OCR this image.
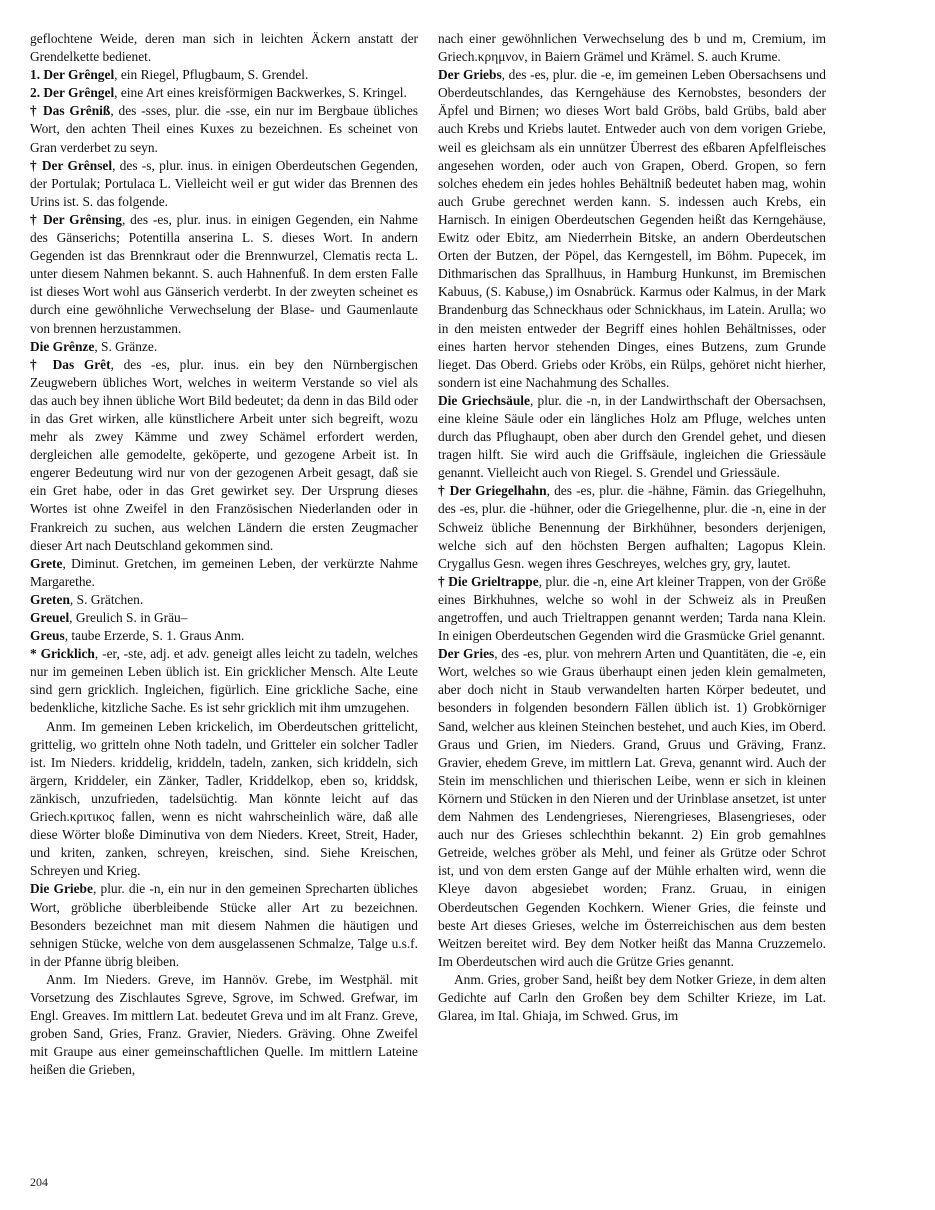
geflochtene Weide, deren man sich in leichten Äckern anstatt der Grendelkette bedienet.

1. Der Grêngel, ein Riegel, Pflugbaum, S. Grendel.

2. Der Grêngel, eine Art eines kreisförmigen Backwerkes, S. Kringel.

† Das Grêniß, des -sses, plur. die -sse, ein nur im Bergbaue übliches Wort, den achten Theil eines Kuxes zu bezeichnen. Es scheinet von Gran verderbet zu seyn.

† Der Grênsel, des -s, plur. inus. in einigen Oberdeutschen Gegenden, der Portulak; Portulaca L. Vielleicht weil er gut wider das Brennen des Urins ist. S. das folgende.

† Der Grênsing, des -es, plur. inus. in einigen Gegenden, ein Nahme des Gänserichs; Potentilla anserina L. S. dieses Wort. In andern Gegenden ist das Brennkraut oder die Brennwurzel, Clematis recta L. unter diesem Nahmen bekannt. S. auch Hahnenfuß. In dem ersten Falle ist dieses Wort wohl aus Gänserich verderbt. In der zweyten scheinet es durch eine gewöhnliche Verwechselung der Blase- und Gaumenlaute von brennen herzustammen.

Die Grênze, S. Gränze.

† Das Grêt, des -es, plur. inus. ein bey den Nürnbergischen Zeugwebern übliches Wort, welches in weiterm Verstande so viel als das auch bey ihnen übliche Wort Bild bedeutet; da denn in das Bild oder in das Gret wirken, alle künstlichere Arbeit unter sich begreift, wozu mehr als zwey Kämme und zwey Schämel erfordert werden, dergleichen alle gemodelte, geköperte, und gezogene Arbeit ist. In engerer Bedeutung wird nur von der gezogenen Arbeit gesagt, daß sie ein Gret habe, oder in das Gret gewirket sey. Der Ursprung dieses Wortes ist ohne Zweifel in den Französischen Niederlanden oder in Frankreich zu suchen, aus welchen Ländern die ersten Zeugmacher dieser Art nach Deutschland gekommen sind.

Grete, Diminut. Gretchen, im gemeinen Leben, der verkürzte Nahme Margarethe.

Greten, S. Grätchen.

Greuel, Greulich S. in Gräu–

Greus, taube Erzerde, S. 1. Graus Anm.

* Gricklich, -er, -ste, adj. et adv. geneigt alles leicht zu tadeln, welches nur im gemeinen Leben üblich ist. Ein gricklicher Mensch. Alte Leute sind gern gricklich. Ingleichen, figürlich. Eine grickliche Sache, eine bedenkliche, kitzliche Sache. Es ist sehr gricklich mit ihm umzugehen.

Anm. Im gemeinen Leben krickelich, im Oberdeutschen grittelicht, grittelig, wo gritteln ohne Noth tadeln, und Gritteler ein solcher Tadler ist. Im Nieders. kriddelig, kriddeln, tadeln, zanken, sich kriddeln, sich ärgern, Kriddeler, ein Zänker, Tadler, Kriddelkop, eben so, kriddsk, zänkisch, unzufrieden, tadelsüchtig. Man könnte leicht auf das Griech.κριτικος fallen, wenn es nicht wahrscheinlich wäre, daß alle diese Wörter bloße Diminutiva von dem Nieders. Kreet, Streit, Hader, und kriten, zanken, schreyen, kreischen, sind. Siehe Kreischen, Schreyen und Krieg.

Die Griebe, plur. die -n, ein nur in den gemeinen Sprecharten übliches Wort, gröbliche überbleibende Stücke aller Art zu bezeichnen. Besonders bezeichnet man mit diesem Nahmen die häutigen und sehnigen Stücke, welche von dem ausgelassenen Schmalze, Talge u.s.f. in der Pfanne übrig bleiben.

Anm. Im Nieders. Greve, im Hannöv. Grebe, im Westphäl. mit Vorsetzung des Zischlautes Sgreve, Sgrove, im Schwed. Grefwar, im Engl. Greaves. Im mittlern Lat. bedeutet Greva und im alt Franz. Greve, groben Sand, Gries, Franz. Gravier, Nieders. Gräving. Ohne Zweifel mit Graupe aus einer gemeinschaftlichen Quelle. Im mittlern Lateine heißen die Grieben,

nach einer gewöhnlichen Verwechselung des b und m, Cremium, im Griech.κρημνον, in Baiern Grämel und Krämel. S. auch Krume.

Der Griebs, des -es, plur. die -e, im gemeinen Leben Obersachsens und Oberdeutschlandes, das Kerngehäuse des Kernobstes, besonders der Äpfel und Birnen; wo dieses Wort bald Gröbs, bald Grübs, bald aber auch Krebs und Kriebs lautet. Entweder auch von dem vorigen Griebe, weil es gleichsam als ein unnützer Überrest des eßbaren Apfelfleisches angesehen worden, oder auch von Grapen, Oberd. Gropen, so fern solches ehedem ein jedes hohles Behältniß bedeutet haben mag, wohin auch Grube gerechnet werden kann. S. indessen auch Krebs, ein Harnisch. In einigen Oberdeutschen Gegenden heißt das Kerngehäuse, Ewitz oder Ebitz, am Niederrhein Bitske, an andern Oberdeutschen Orten der Butzen, der Pöpel, das Kerngestell, im Böhm. Pupecek, im Dithmarischen das Sprallhuus, in Hamburg Hunkunst, im Bremischen Kabuus, (S. Kabuse,) im Osnabrück. Karmus oder Kalmus, in der Mark Brandenburg das Schneckhaus oder Schnickhaus, im Latein. Arulla; wo in den meisten entweder der Begriff eines hohlen Behältnisses, oder eines harten hervor stehenden Dinges, eines Butzens, zum Grunde lieget. Das Oberd. Griebs oder Kröbs, ein Rülps, gehöret nicht hierher, sondern ist eine Nachahmung des Schalles.

Die Griechsäule, plur. die -n, in der Landwirthschaft der Obersachsen, eine kleine Säule oder ein längliches Holz am Pfluge, welches unten durch das Pflughaupt, oben aber durch den Grendel gehet, und diesen tragen hilft. Sie wird auch die Griffsäule, ingleichen die Griessäule genannt. Vielleicht auch von Riegel. S. Grendel und Griessäule.

† Der Griegelhahn, des -es, plur. die -hähne, Fämin. das Griegelhuhn, des -es, plur. die -hühner, oder die Griegelhenne, plur. die -n, eine in der Schweiz übliche Benennung der Birkhühner, besonders derjenigen, welche sich auf den höchsten Bergen aufhalten; Lagopus Klein. Crygallus Gesn. wegen ihres Geschreyes, welches gry, gry, lautet.

† Die Grieltrappe, plur. die -n, eine Art kleiner Trappen, von der Größe eines Birkhuhnes, welche so wohl in der Schweiz als in Preußen angetroffen, und auch Trieltrappen genannt werden; Tarda nana Klein. In einigen Oberdeutschen Gegenden wird die Grasmücke Griel genannt.

Der Gries, des -es, plur. von mehrern Arten und Quantitäten, die -e, ein Wort, welches so wie Graus überhaupt einen jeden klein gemalmeten, aber doch nicht in Staub verwandelten harten Körper bedeutet, und besonders in folgenden besondern Fällen üblich ist. 1) Grobkörniger Sand, welcher aus kleinen Steinchen bestehet, und auch Kies, im Oberd. Graus und Grien, im Nieders. Grand, Gruus und Gräving, Franz. Gravier, ehedem Greve, im mittlern Lat. Greva, genannt wird. Auch der Stein im menschlichen und thierischen Leibe, wenn er sich in kleinen Körnern und Stücken in den Nieren und der Urinblase ansetzet, ist unter dem Nahmen des Lendengrieses, Nierengrieses, Blasengrieses, oder auch nur des Grieses schlechthin bekannt. 2) Ein grob gemahlnes Getreide, welches gröber als Mehl, und feiner als Grütze oder Schrot ist, und von dem ersten Gange auf der Mühle erhalten wird, wenn die Kleye davon abgesiebet worden; Franz. Gruau, in einigen Oberdeutschen Gegenden Kochkern. Wiener Gries, die feinste und beste Art dieses Grieses, welche im Österreichischen aus dem besten Weitzen bereitet wird. Bey dem Notker heißt das Manna Cruzzemelo. Im Oberdeutschen wird auch die Grütze Gries genannt.

Anm. Gries, grober Sand, heißt bey dem Notker Grieze, in dem alten Gedichte auf Carln den Großen bey dem Schilter Krieze, im Lat. Glarea, im Ital. Ghiaja, im Schwed. Grus, im

204
